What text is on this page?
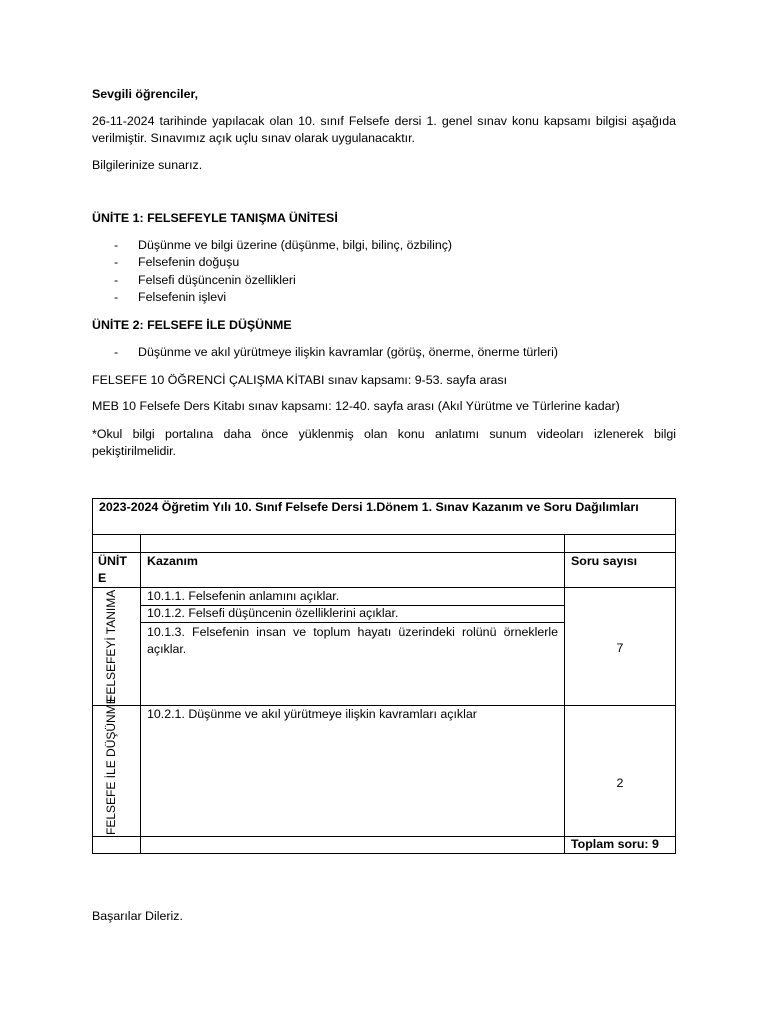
Sevgili öğrenciler,

26-11-2024 tarihinde yapılacak olan 10. sınıf Felsefe dersi 1. genel sınav konu kapsamı bilgisi aşağıda verilmiştir. Sınavımız açık uçlu sınav olarak uygulanacaktır.

Bilgilerinize sunarız.

ÜNİTE 1: FELSEFEYLE TANIŞMA ÜNİTESİ

- Düşünme ve bilgi üzerine (düşünme, bilgi, bilinç, özbilinç)
- Felsefenin doğuşu
- Felsefi düşüncenin özellikleri
- Felsefenin işlevi

ÜNİTE 2: FELSEFE İLE DÜŞÜNME

- Düşünme ve akıl yürütmeye ilişkin kavramlar (görüş, önerme, önerme türleri)

FELSEFE 10 ÖĞRENCİ ÇALIŞMA KİTABI sınav kapsamı: 9-53. sayfa arası

MEB 10 Felsefe Ders Kitabı sınav kapsamı: 12-40. sayfa arası (Akıl Yürütme ve Türlerine kadar)

*Okul bilgi portalına daha önce yüklenmiş olan konu anlatımı sunum videoları izlenerek bilgi pekiştirilmelidir.

2023-2024 Öğretim Yılı 10. Sınıf Felsefe Dersi 1.Dönem 1. Sınav Kazanım ve Soru Dağılımları
ÜNİT
E
Kazanım	Soru sayısı
FELSEFEYİ TANIMA 10.1.1. Felsefenin anlamını açıklar.
10.1.2. Felsefi düşüncenin özelliklerini açıklar.
10.1.3. Felsefenin insan ve toplum hayatı üzerindeki rolünü örneklerle açıklar.	7
FELSEFE İLE DÜŞÜNME 10.2.1. Düşünme ve akıl yürütmeye ilişkin kavramları açıklar
2
Toplam soru: 9

Başarılar Dileriz.
